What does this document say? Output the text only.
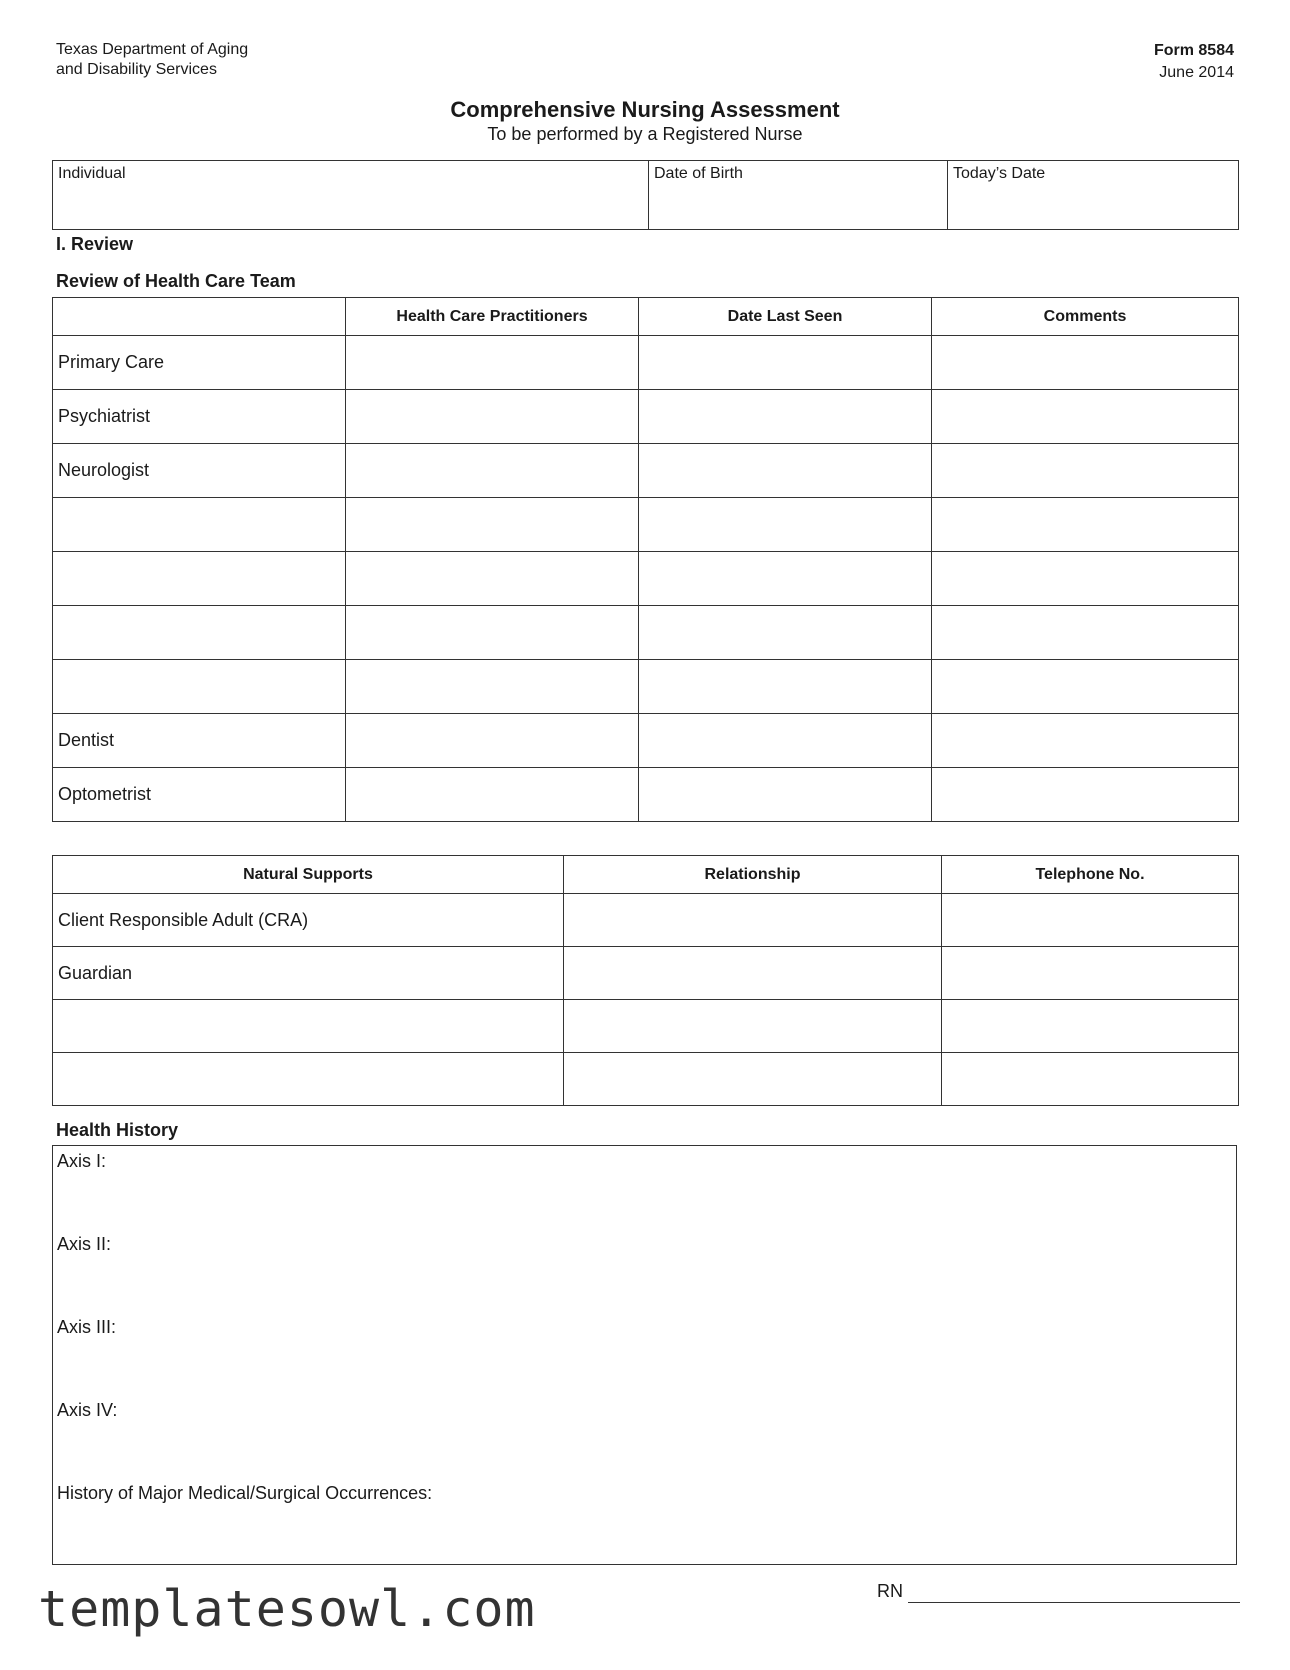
Texas Department of Aging
and Disability Services
Form 8584
June 2014
Comprehensive Nursing Assessment
To be performed by a Registered Nurse
Individual	Date of Birth	Today’s Date
I. Review
Review of Health Care Team
	Health Care Practitioners	Date Last Seen	Comments
Primary Care			
Psychiatrist			
Neurologist			

Dentist			
Optometrist			
Natural Supports	Relationship	Telephone No.
Client Responsible Adult (CRA)		
Guardian		

Health History
Axis I:
Axis II:
Axis III:
Axis IV:
History of Major Medical/Surgical Occurrences:
RN
templatesowl.com
